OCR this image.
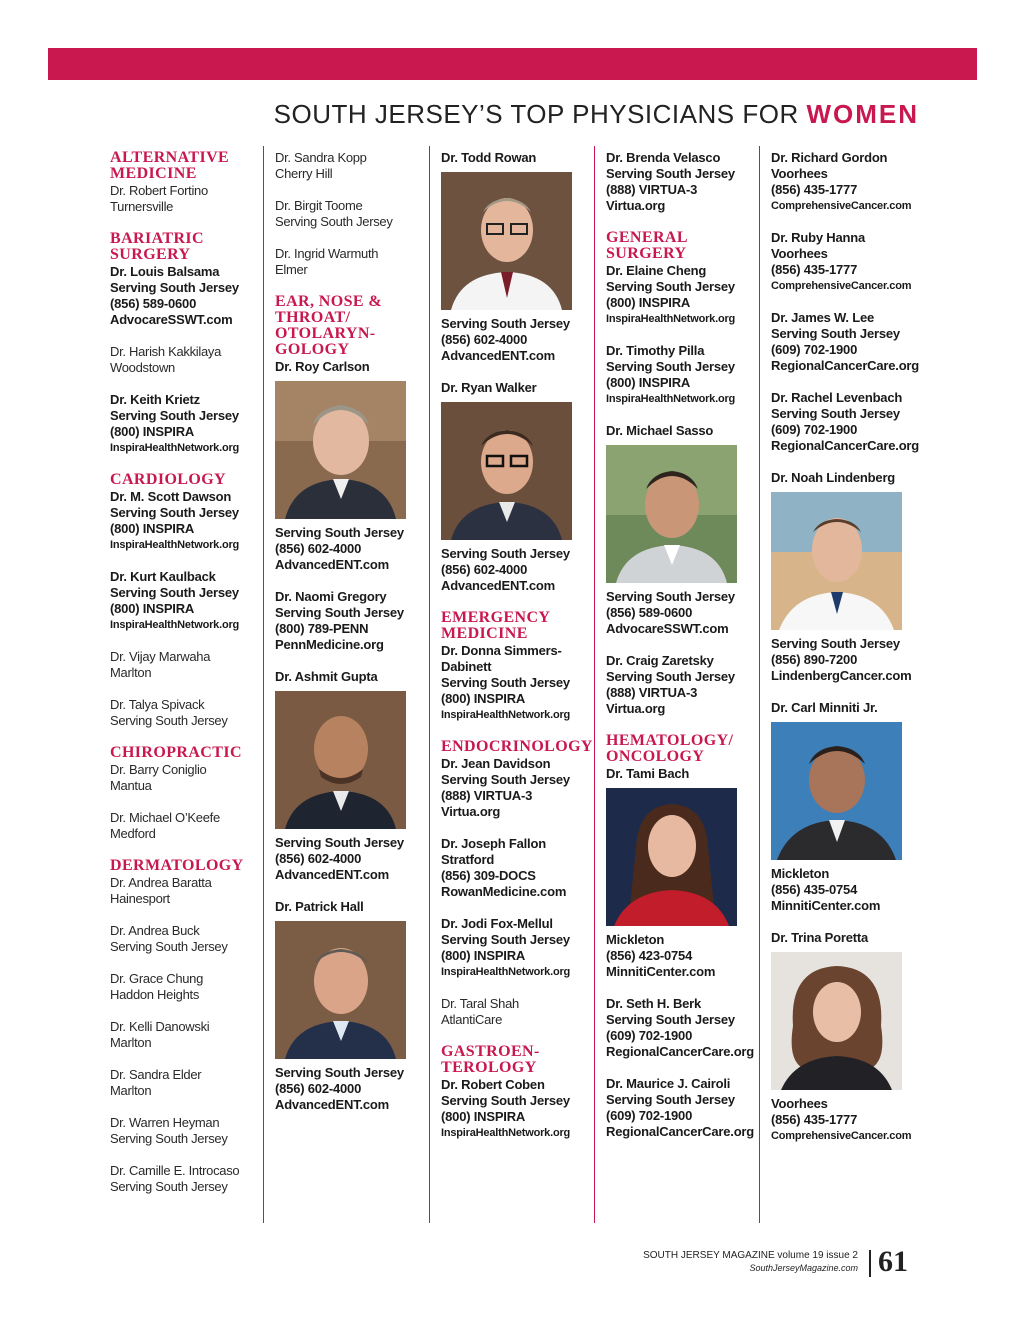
SOUTH JERSEY’S TOP PHYSICIANS FOR WOMEN
ALTERNATIVE MEDICINE
Dr. Robert Fortino
Turnersville
BARIATRIC SURGERY
Dr. Louis Balsama
Serving South Jersey
(856) 589-0600
AdvocareSSWT.com
Dr. Harish Kakkilaya
Woodstown
Dr. Keith Krietz
Serving South Jersey
(800) INSPIRA
InspiraHealthNetwork.org
CARDIOLOGY
Dr. M. Scott Dawson
Serving South Jersey
(800) INSPIRA
InspiraHealthNetwork.org
Dr. Kurt Kaulback
Serving South Jersey
(800) INSPIRA
InspiraHealthNetwork.org
Dr. Vijay Marwaha
Marlton
Dr. Talya Spivack
Serving South Jersey
CHIROPRACTIC
Dr. Barry Coniglio
Mantua
Dr. Michael O’Keefe
Medford
DERMATOLOGY
Dr. Andrea Baratta
Hainesport
Dr. Andrea Buck
Serving South Jersey
Dr. Grace Chung
Haddon Heights
Dr. Kelli Danowski
Marlton
Dr. Sandra Elder
Marlton
Dr. Warren Heyman
Serving South Jersey
Dr. Camille E. Introcaso
Serving South Jersey
Dr. Sandra Kopp
Cherry Hill
Dr. Birgit Toome
Serving South Jersey
Dr. Ingrid Warmuth
Elmer
EAR, NOSE & THROAT/ OTOLARYN- GOLOGY
Dr. Roy Carlson
Serving South Jersey
(856) 602-4000
AdvancedENT.com
Dr. Naomi Gregory
Serving South Jersey
(800) 789-PENN
PennMedicine.org
Dr. Ashmit Gupta
Serving South Jersey
(856) 602-4000
AdvancedENT.com
Dr. Patrick Hall
Serving South Jersey
(856) 602-4000
AdvancedENT.com
Dr. Todd Rowan
Serving South Jersey
(856) 602-4000
AdvancedENT.com
Dr. Ryan Walker
Serving South Jersey
(856) 602-4000
AdvancedENT.com
EMERGENCY MEDICINE
Dr. Donna Simmers-
Dabinett
Serving South Jersey
(800) INSPIRA
InspiraHealthNetwork.org
ENDOCRINOLOGY
Dr. Jean Davidson
Serving South Jersey
(888) VIRTUA-3
Virtua.org
Dr. Joseph Fallon
Stratford
(856) 309-DOCS
RowanMedicine.com
Dr. Jodi Fox-Mellul
Serving South Jersey
(800) INSPIRA
InspiraHealthNetwork.org
Dr. Taral Shah
AtlantiCare
GASTROEN- TEROLOGY
Dr. Robert Coben
Serving South Jersey
(800) INSPIRA
InspiraHealthNetwork.org
Dr. Brenda Velasco
Serving South Jersey
(888) VIRTUA-3
Virtua.org
GENERAL SURGERY
Dr. Elaine Cheng
Serving South Jersey
(800) INSPIRA
InspiraHealthNetwork.org
Dr. Timothy Pilla
Serving South Jersey
(800) INSPIRA
InspiraHealthNetwork.org
Dr. Michael Sasso
Serving South Jersey
(856) 589-0600
AdvocareSSWT.com
Dr. Craig Zaretsky
Serving South Jersey
(888) VIRTUA-3
Virtua.org
HEMATOLOGY/ ONCOLOGY
Dr. Tami Bach
Mickleton
(856) 423-0754
MinnitiCenter.com
Dr. Seth H. Berk
Serving South Jersey
(609) 702-1900
RegionalCancerCare.org
Dr. Maurice J. Cairoli
Serving South Jersey
(609) 702-1900
RegionalCancerCare.org
Dr. Richard Gordon
Voorhees
(856) 435-1777
ComprehensiveCancer.com
Dr. Ruby Hanna
Voorhees
(856) 435-1777
ComprehensiveCancer.com
Dr. James W. Lee
Serving South Jersey
(609) 702-1900
RegionalCancerCare.org
Dr. Rachel Levenbach
Serving South Jersey
(609) 702-1900
RegionalCancerCare.org
Dr. Noah Lindenberg
Serving South Jersey
(856) 890-7200
LindenbergCancer.com
Dr. Carl Minniti Jr.
Mickleton
(856) 435-0754
MinnitiCenter.com
Dr. Trina Poretta
Voorhees
(856) 435-1777
ComprehensiveCancer.com
SOUTH JERSEY MAGAZINE volume 19 issue 2
SouthJerseyMagazine.com 61
